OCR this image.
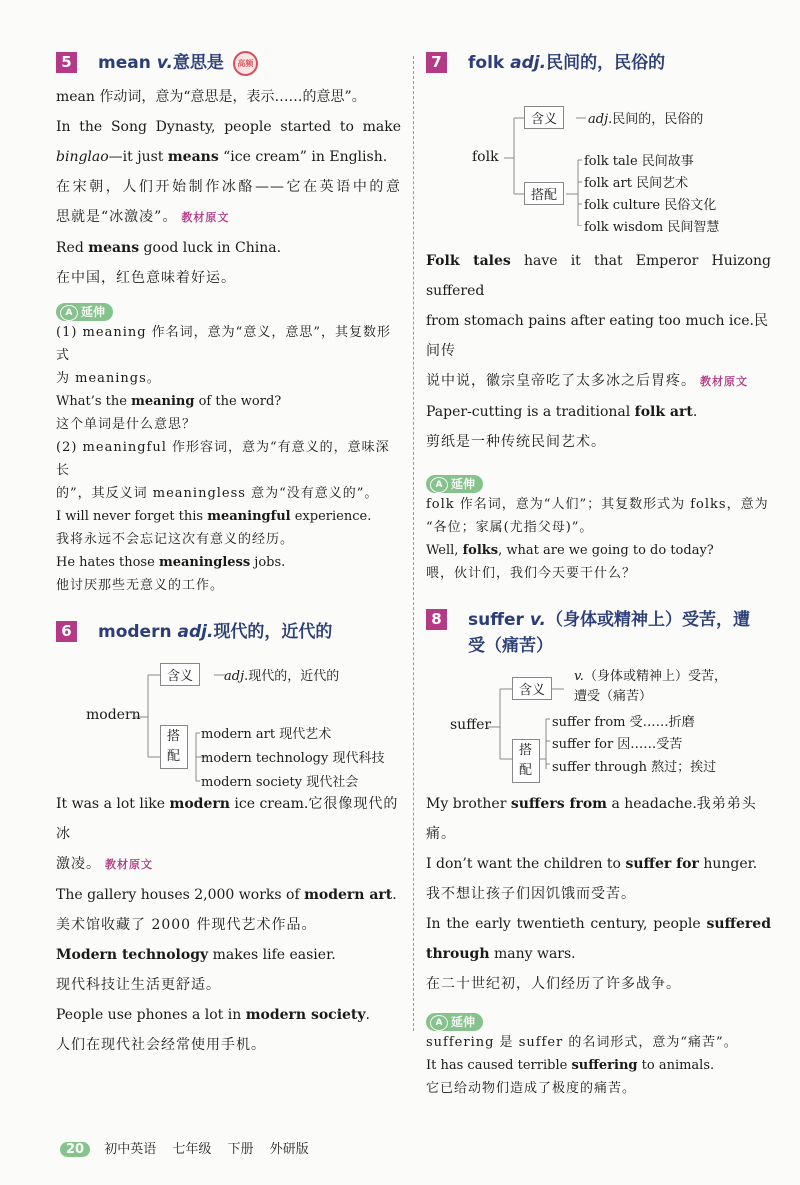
5	mean v.意思是 高频
mean 作动词，意为“意思是，表示……的意思”。
In the Song Dynasty, people started to make
binglao—it just means “ice cream” in English.
在宋朝，人们开始制作冰酪——它在英语中的意
思就是“冰激凌”。 教材原文
Red means good luck in China.
在中国，红色意味着好运。
A 延伸
(1) meaning 作名词，意为“意义，意思”，其复数形式
为 meanings。
What’s the meaning of the word?
这个单词是什么意思？
(2) meaningful 作形容词，意为“有意义的，意味深长
的”，其反义词 meaningless 意为“没有意义的”。
I will never forget this meaningful experience.
我将永远不会忘记这次有意义的经历。
He hates those meaningless jobs.
他讨厌那些无意义的工作。
6	modern adj.现代的，近代的
modern
含义
搭配
adj.现代的，近代的
modern art 现代艺术
modern technology 现代科技
modern society 现代社会
It was a lot like modern ice cream.它很像现代的冰
激凌。 教材原文
The gallery houses 2,000 works of modern art.
美术馆收藏了 2000 件现代艺术作品。
Modern technology makes life easier.
现代科技让生活更舒适。
People use phones a lot in modern society.
人们在现代社会经常使用手机。
7	folk adj.民间的，民俗的
folk
含义
搭配
adj.民间的，民俗的
folk tale 民间故事
folk art 民间艺术
folk culture 民俗文化
folk wisdom 民间智慧
Folk tales have it that Emperor Huizong suffered
from stomach pains after eating too much ice.民间传
说中说，徽宗皇帝吃了太多冰之后胃疼。 教材原文
Paper-cutting is a traditional folk art.
剪纸是一种传统民间艺术。
A 延伸
folk 作名词，意为“人们”；其复数形式为 folks，意为
“各位；家属(尤指父母)”。
Well, folks, what are we going to do today?
喂，伙计们，我们今天要干什么？
8	suffer v.（身体或精神上）受苦，遭
受（痛苦）
suffer
含义
搭配
v.（身体或精神上）受苦，
遭受（痛苦）
suffer from 受……折磨
suffer for 因……受苦
suffer through 熬过；挨过
My brother suffers from a headache.我弟弟头痛。
I don’t want the children to suffer for hunger.
我不想让孩子们因饥饿而受苦。
In the early twentieth century, people suffered
through many wars.
在二十世纪初，人们经历了许多战争。
A 延伸
suffering 是 suffer 的名词形式，意为“痛苦”。
It has caused terrible suffering to animals.
它已给动物们造成了极度的痛苦。
20 初中英语 七年级 下册 外研版
